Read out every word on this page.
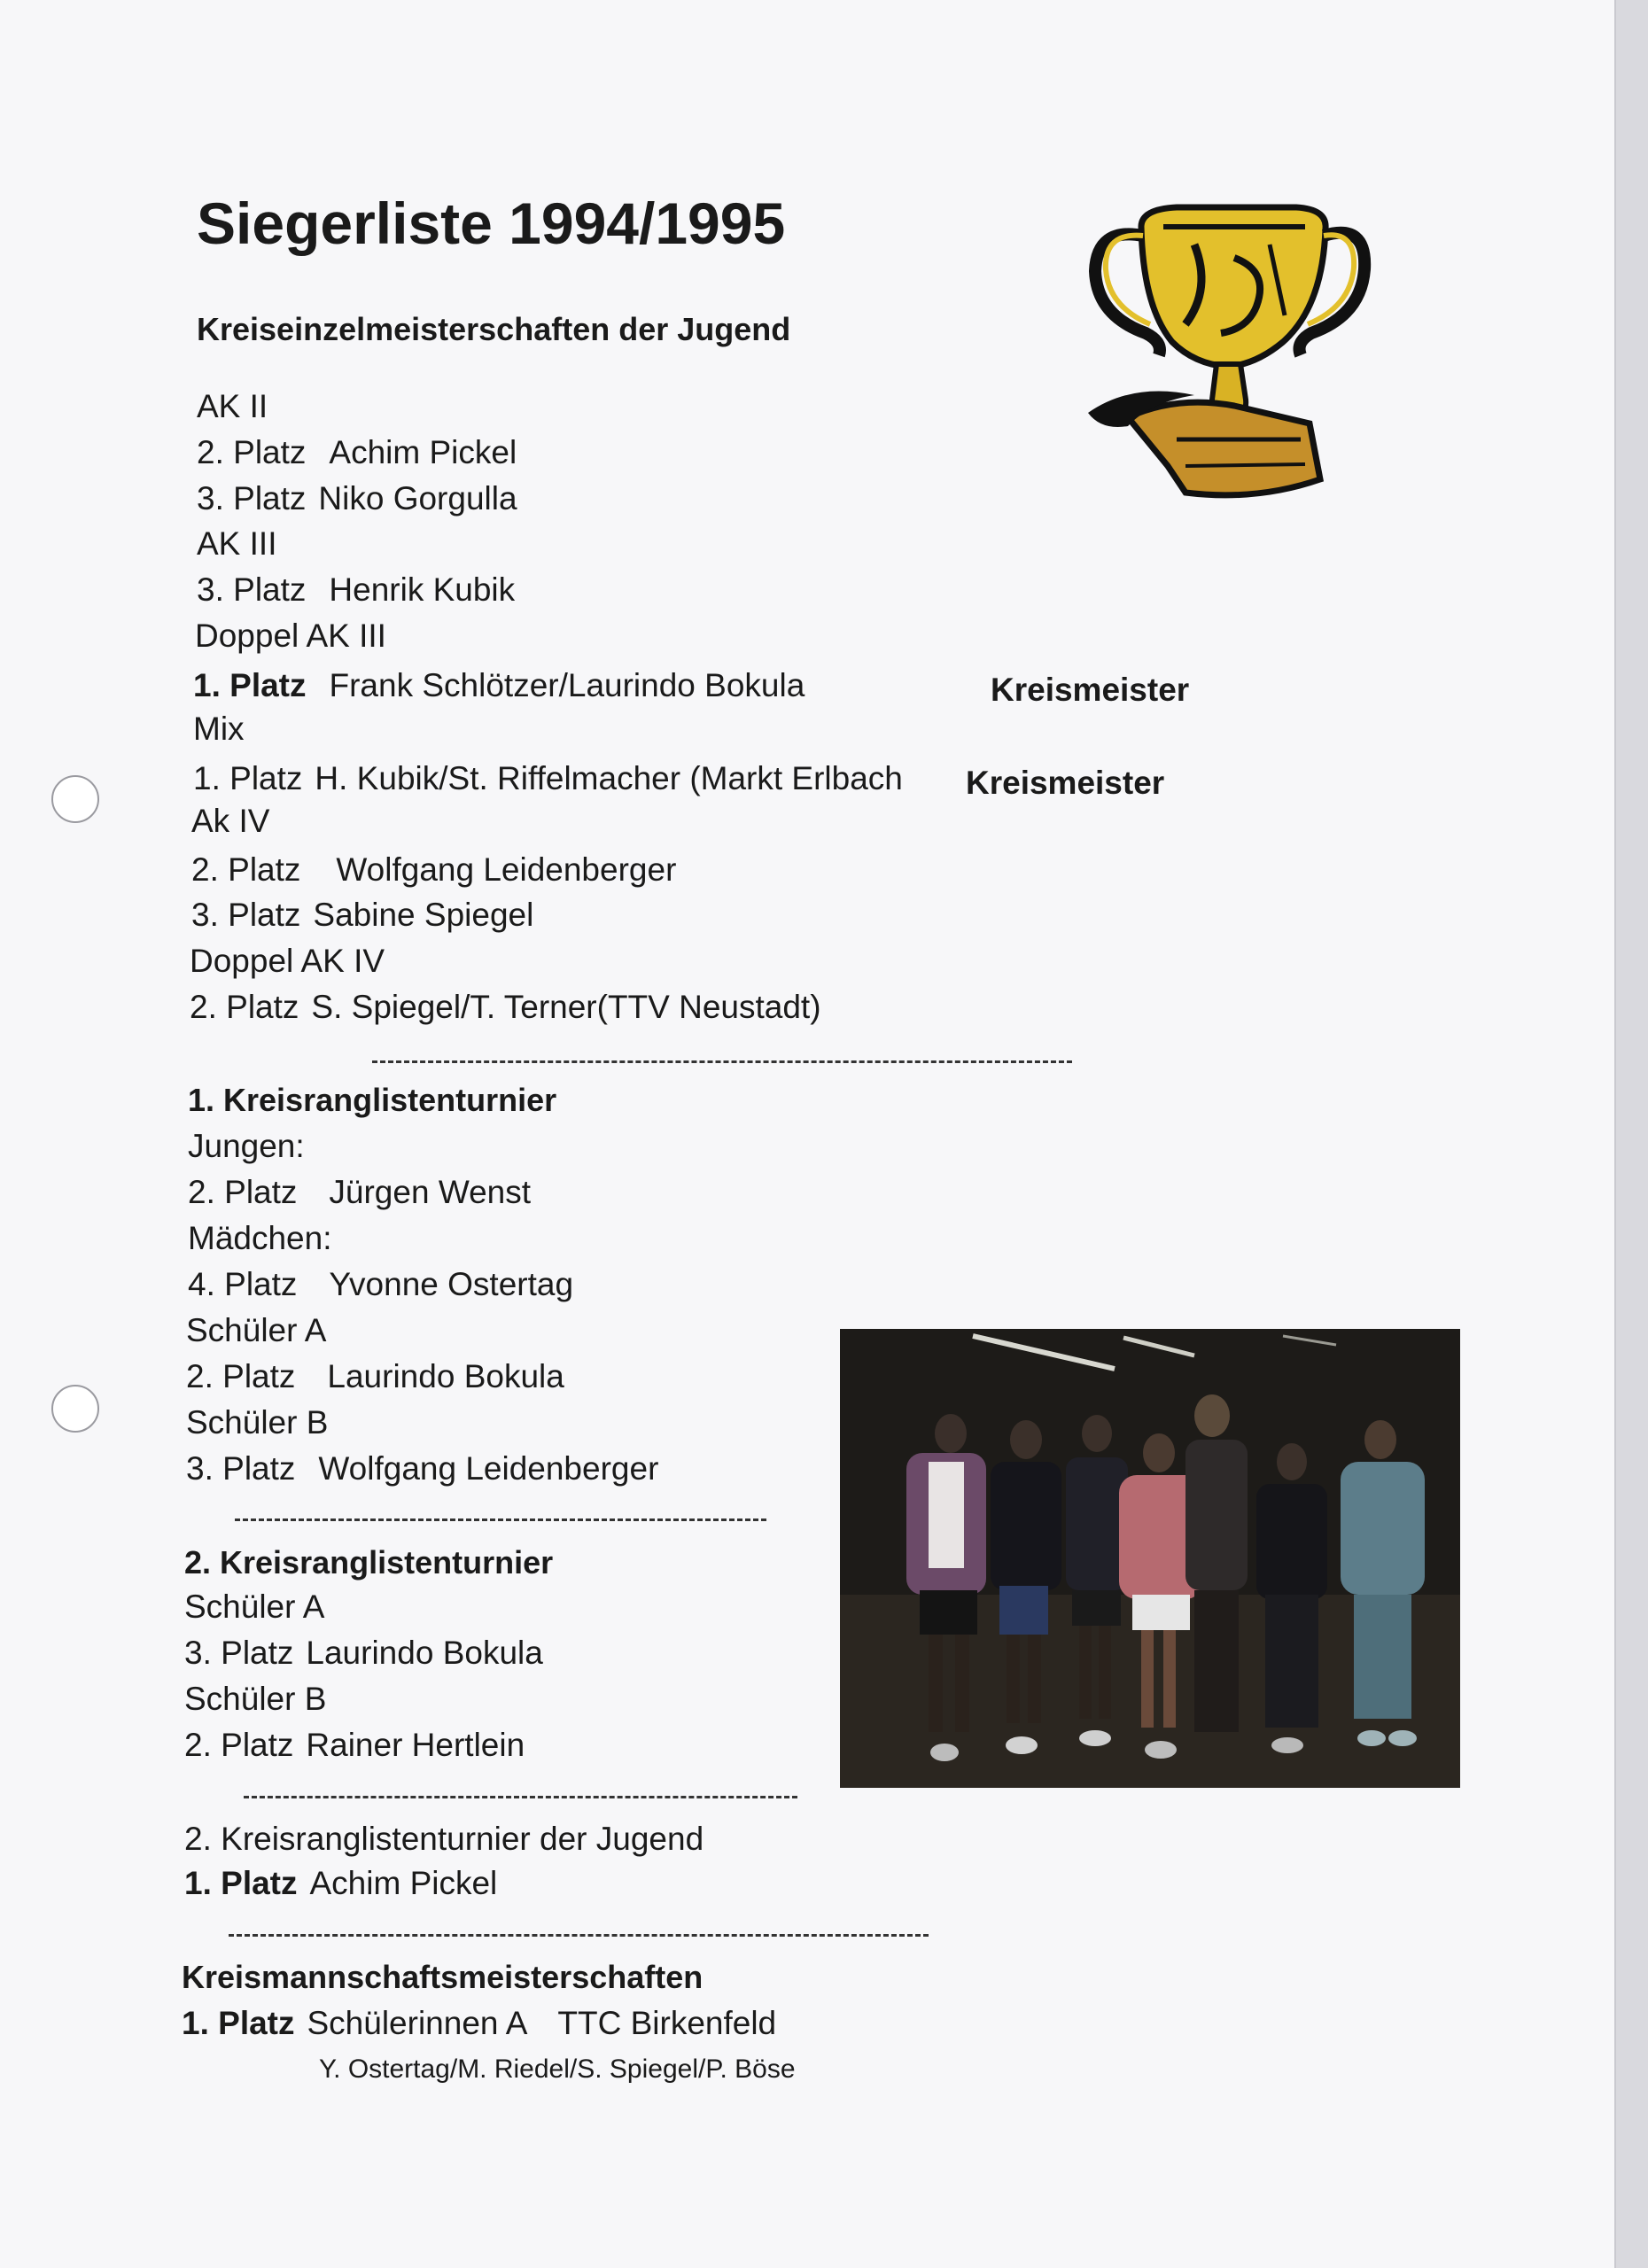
Siegerliste 1994/1995
Kreiseinzelmeisterschaften der Jugend
AK II
2. Platz Achim Pickel
3. Platz Niko Gorgulla
AK III
3. Platz Henrik Kubik
Doppel AK III
1. Platz Frank Schlötzer/Laurindo Bokula	Kreismeister
Mix
1. Platz H. Kubik/St. Riffelmacher (Markt Erlbach Kreismeister
Ak IV
2. Platz Wolfgang Leidenberger
3. Platz Sabine Spiegel
Doppel AK IV
2. Platz S. Spiegel/T. Terner(TTV Neustadt)
1. Kreisranglistenturnier
Jungen:
2. Platz Jürgen Wenst
Mädchen:
4. Platz Yvonne Ostertag
Schüler A
2. Platz Laurindo Bokula
Schüler B
3. Platz Wolfgang Leidenberger
2. Kreisranglistenturnier
Schüler A
3. Platz Laurindo Bokula
Schüler B
2. Platz Rainer Hertlein
2. Kreisranglistenturnier der Jugend
1. Platz Achim Pickel
Kreismannschaftsmeisterschaften
1. Platz Schülerinnen A TTC Birkenfeld
Y. Ostertag/M. Riedel/S. Spiegel/P. Böse
